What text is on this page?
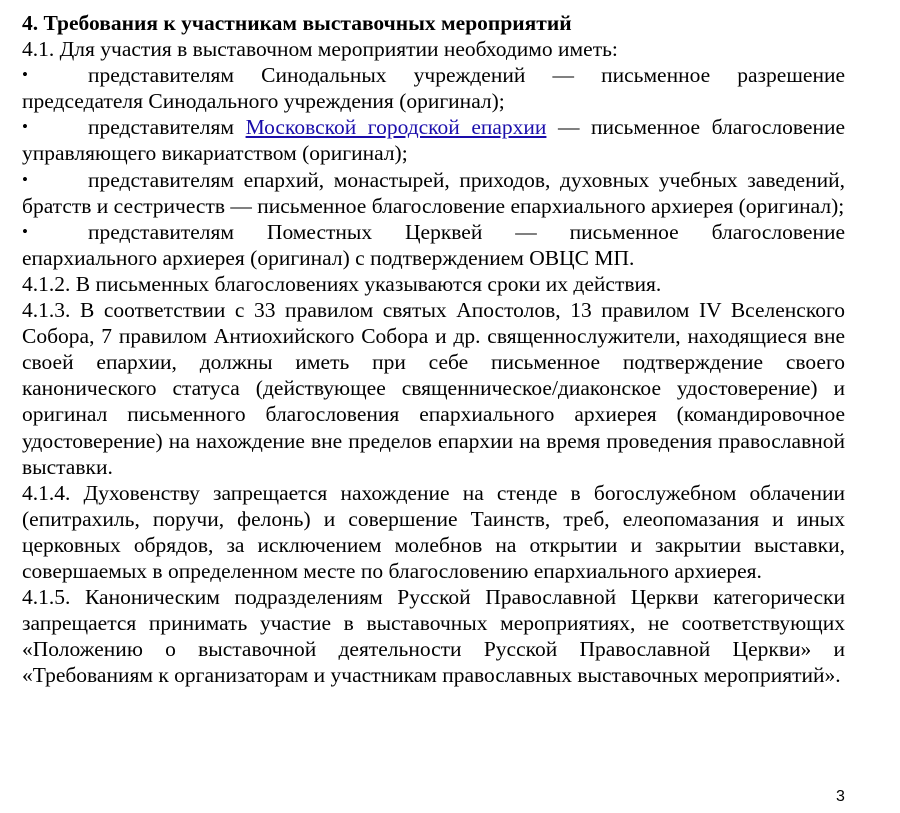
4. Требования к участникам выставочных мероприятий

4.1. Для участия в выставочном мероприятии необходимо иметь:

•	представителям Синодальных учреждений — письменное разрешение председателя Синодального учреждения (оригинал);

•	представителям Московской городской епархии — письменное благословение управляющего викариатством (оригинал);

•	представителям епархий, монастырей, приходов, духовных учебных заведений, братств и сестричеств — письменное благословение епархиального архиерея (оригинал);

•	представителям Поместных Церквей — письменное благословение епархиального архиерея (оригинал) с подтверждением ОВЦС МП.

4.1.2. В письменных благословениях указываются сроки их действия.

4.1.3. В соответствии с 33 правилом святых Апостолов, 13 правилом IV Вселенского Собора, 7 правилом Антиохийского Собора и др. священнослужители, находящиеся вне своей епархии, должны иметь при себе письменное подтверждение своего канонического статуса (действующее священническое/диаконское удостоверение) и оригинал письменного благословения епархиального архиерея (командировочное удостоверение) на нахождение вне пределов епархии на время проведения православной выставки.

4.1.4. Духовенству запрещается нахождение на стенде в богослужебном облачении (епитрахиль, поручи, фелонь) и совершение Таинств, треб, елеопомазания и иных церковных обрядов, за исключением молебнов на открытии и закрытии выставки, совершаемых в определенном месте по благословению епархиального архиерея.

4.1.5. Каноническим подразделениям Русской Православной Церкви категорически запрещается принимать участие в выставочных мероприятиях, не соответствующих «Положению о выставочной деятельности Русской Православной Церкви» и «Требованиям к организаторам и участникам православных выставочных мероприятий».

3
